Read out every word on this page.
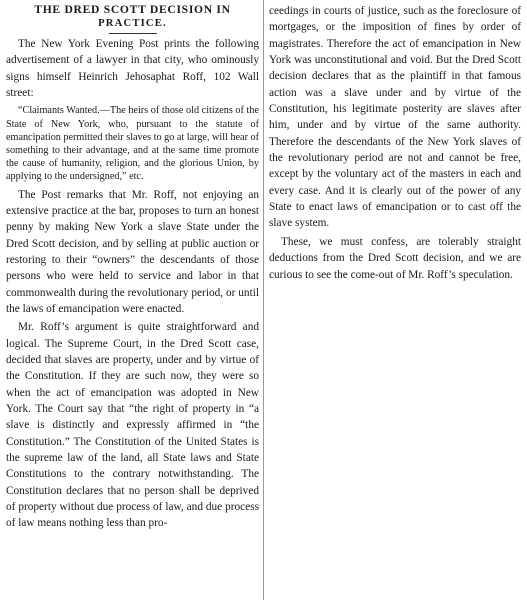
THE DRED SCOTT DECISION IN
PRACTICE.

The New York Evening Post prints the following advertisement of a lawyer in that city, who ominously signs himself Heinrich Jehosaphat Roff, 102 Wall street:

“Claimants Wanted.—The heirs of those old citizens of the State of New York, who, pursuant to the statute of emancipation permitted their slaves to go at large, will hear of something to their advantage, and at the same time promote the cause of humanity, religion, and the glorious Union, by applying to the undersigned,” etc.

The Post remarks that Mr. Roff, not enjoying an extensive practice at the bar, proposes to turn an honest penny by making New York a slave State under the Dred Scott decision, and by selling at public auction or restoring to their “owners” the descendants of those persons who were held to service and labor in that commonwealth during the revolutionary period, or until the laws of emancipation were enacted.

Mr. Roff’s argument is quite straightforward and logical. The Supreme Court, in the Dred Scott case, decided that slaves are property, under and by virtue of the Constitution. If they are such now, they were so when the act of emancipation was adopted in New York. The Court say that “the right of property in “a slave is distinctly and expressly affirmed in “the Constitution.” The Constitution of the United States is the supreme law of the land, all State laws and State Constitutions to the contrary notwithstanding. The Constitution declares that no person shall be deprived of property without due process of law, and due process of law means nothing less than pro-

ceedings in courts of justice, such as the foreclosure of mortgages, or the imposition of fines by order of magistrates. Therefore the act of emancipation in New York was unconstitutional and void. But the Dred Scott decision declares that as the plaintiff in that famous action was a slave under and by virtue of the Constitution, his legitimate posterity are slaves after him, under and by virtue of the same authority. Therefore the descendants of the New York slaves of the revolutionary period are not and cannot be free, except by the voluntary act of the masters in each and every case. And it is clearly out of the power of any State to enact laws of emancipation or to cast off the slave system.

These, we must confess, are tolerably straight deductions from the Dred Scott decision, and we are curious to see the come-out of Mr. Roff’s speculation.
